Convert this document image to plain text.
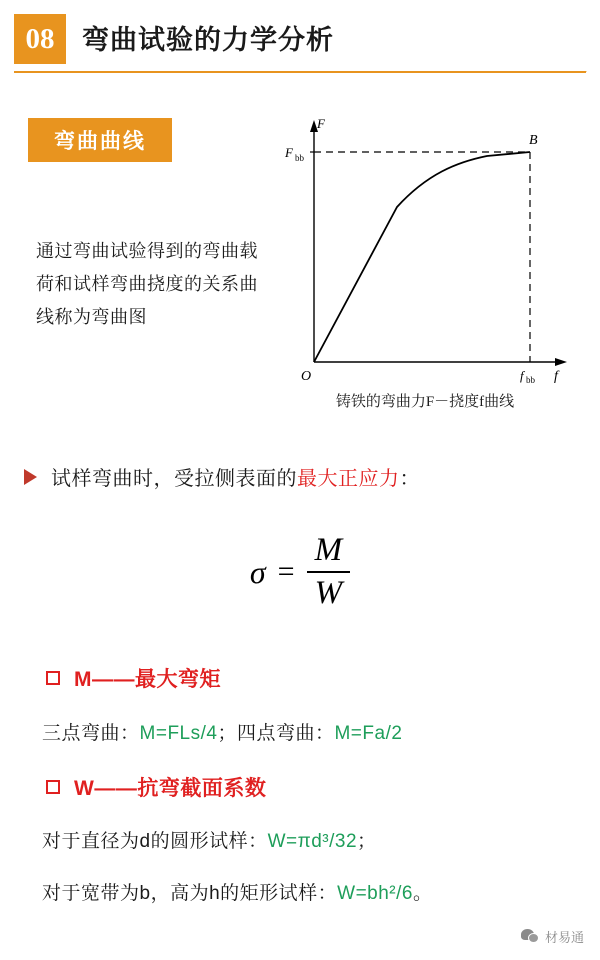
08	弯曲试验的力学分析
弯曲曲线
通过弯曲试验得到的弯曲载荷和试样弯曲挠度的关系曲线称为弯曲图
F
F bb
O	f bb f
B
铸铁的弯曲力F－挠度f曲线
试样弯曲时，受拉侧表面的最大正应力：
$\sigma = \frac{M}{W}$
M——最大弯矩
三点弯曲：M=FLs/4；四点弯曲：M=Fa/2
W——抗弯截面系数
对于直径为d的圆形试样：W=πd³/32；
对于宽带为b，高为h的矩形试样：W=bh²/6。
材易通
